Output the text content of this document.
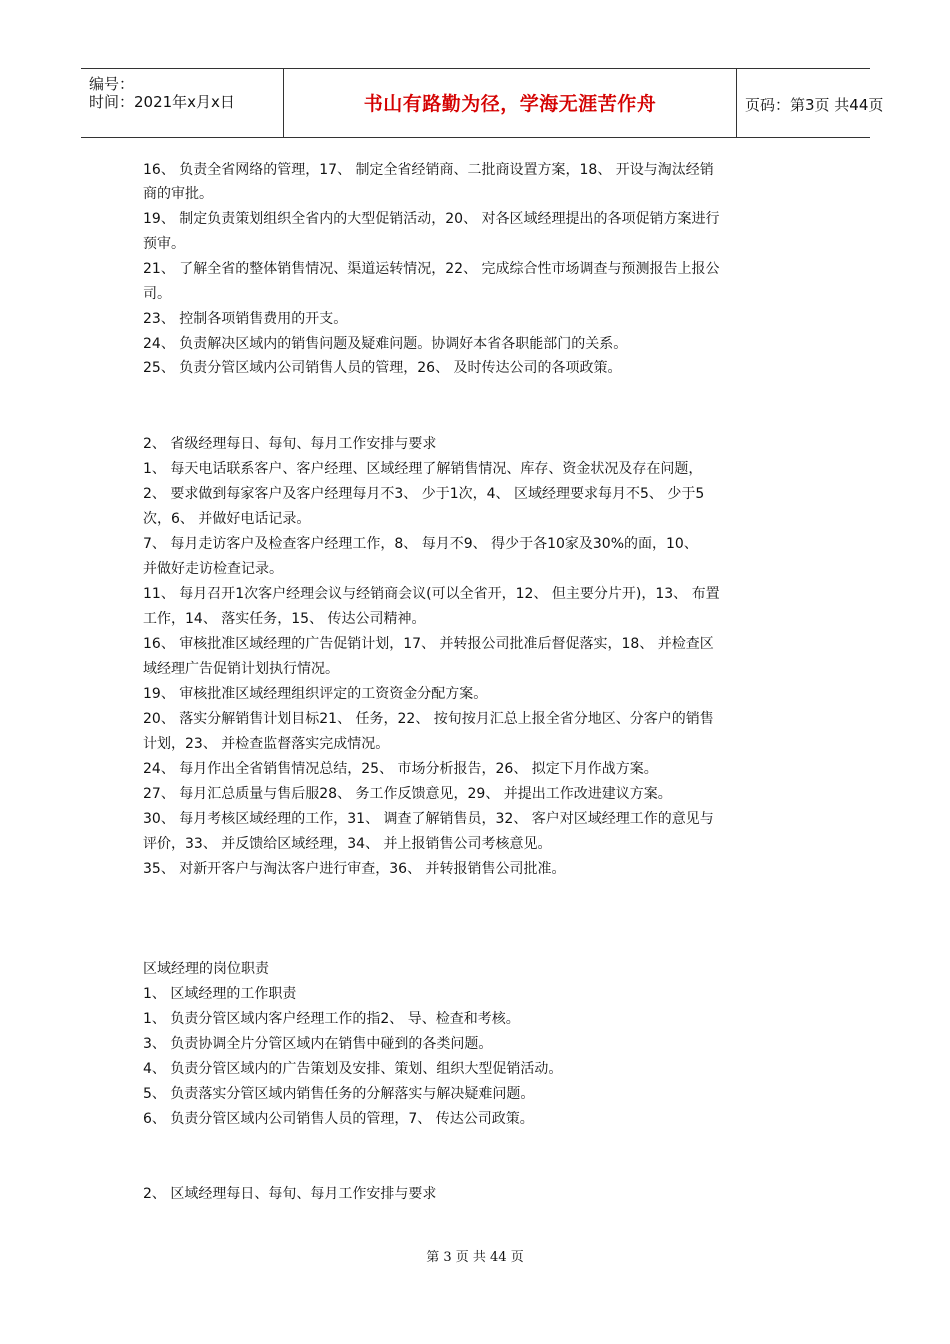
编号：
时间：2021年x月x日	书山有路勤为径，学海无涯苦作舟	页码：第3页 共44页
16、 负责全省网络的管理，17、 制定全省经销商、二批商设置方案，18、 开设与淘汰经销
商的审批。
19、 制定负责策划组织全省内的大型促销活动，20、 对各区域经理提出的各项促销方案进行
预审。
21、 了解全省的整体销售情况、渠道运转情况，22、 完成综合性市场调查与预测报告上报公
司。
23、 控制各项销售费用的开支。
24、 负责解决区域内的销售问题及疑难问题。协调好本省各职能部门的关系。
25、 负责分管区域内公司销售人员的管理，26、 及时传达公司的各项政策。
2、 省级经理每日、每旬、每月工作安排与要求
1、 每天电话联系客户、客户经理、区域经理了解销售情况、库存、资金状况及存在问题，
2、 要求做到每家客户及客户经理每月不3、 少于1次，4、 区域经理要求每月不5、 少于5
次，6、 并做好电话记录。
7、 每月走访客户及检查客户经理工作，8、 每月不9、 得少于各10家及30%的面，10、
并做好走访检查记录。
11、 每月召开1次客户经理会议与经销商会议(可以全省开，12、 但主要分片开)，13、 布置
工作，14、 落实任务，15、 传达公司精神。
16、 审核批准区域经理的广告促销计划，17、 并转报公司批准后督促落实，18、 并检查区
域经理广告促销计划执行情况。
19、 审核批准区域经理组织评定的工资资金分配方案。
20、 落实分解销售计划目标21、 任务，22、 按旬按月汇总上报全省分地区、分客户的销售
计划，23、 并检查监督落实完成情况。
24、 每月作出全省销售情况总结，25、 市场分析报告，26、 拟定下月作战方案。
27、 每月汇总质量与售后服28、 务工作反馈意见，29、 并提出工作改进建议方案。
30、 每月考核区域经理的工作，31、 调查了解销售员，32、 客户对区域经理工作的意见与
评价，33、 并反馈给区域经理，34、 并上报销售公司考核意见。
35、 对新开客户与淘汰客户进行审查，36、 并转报销售公司批准。
区域经理的岗位职责
1、 区域经理的工作职责
1、 负责分管区域内客户经理工作的指2、 导、检查和考核。
3、 负责协调全片分管区域内在销售中碰到的各类问题。
4、 负责分管区域内的广告策划及安排、策划、组织大型促销活动。
5、 负责落实分管区域内销售任务的分解落实与解决疑难问题。
6、 负责分管区域内公司销售人员的管理，7、 传达公司政策。
2、 区域经理每日、每旬、每月工作安排与要求
第 3 页 共 44 页
